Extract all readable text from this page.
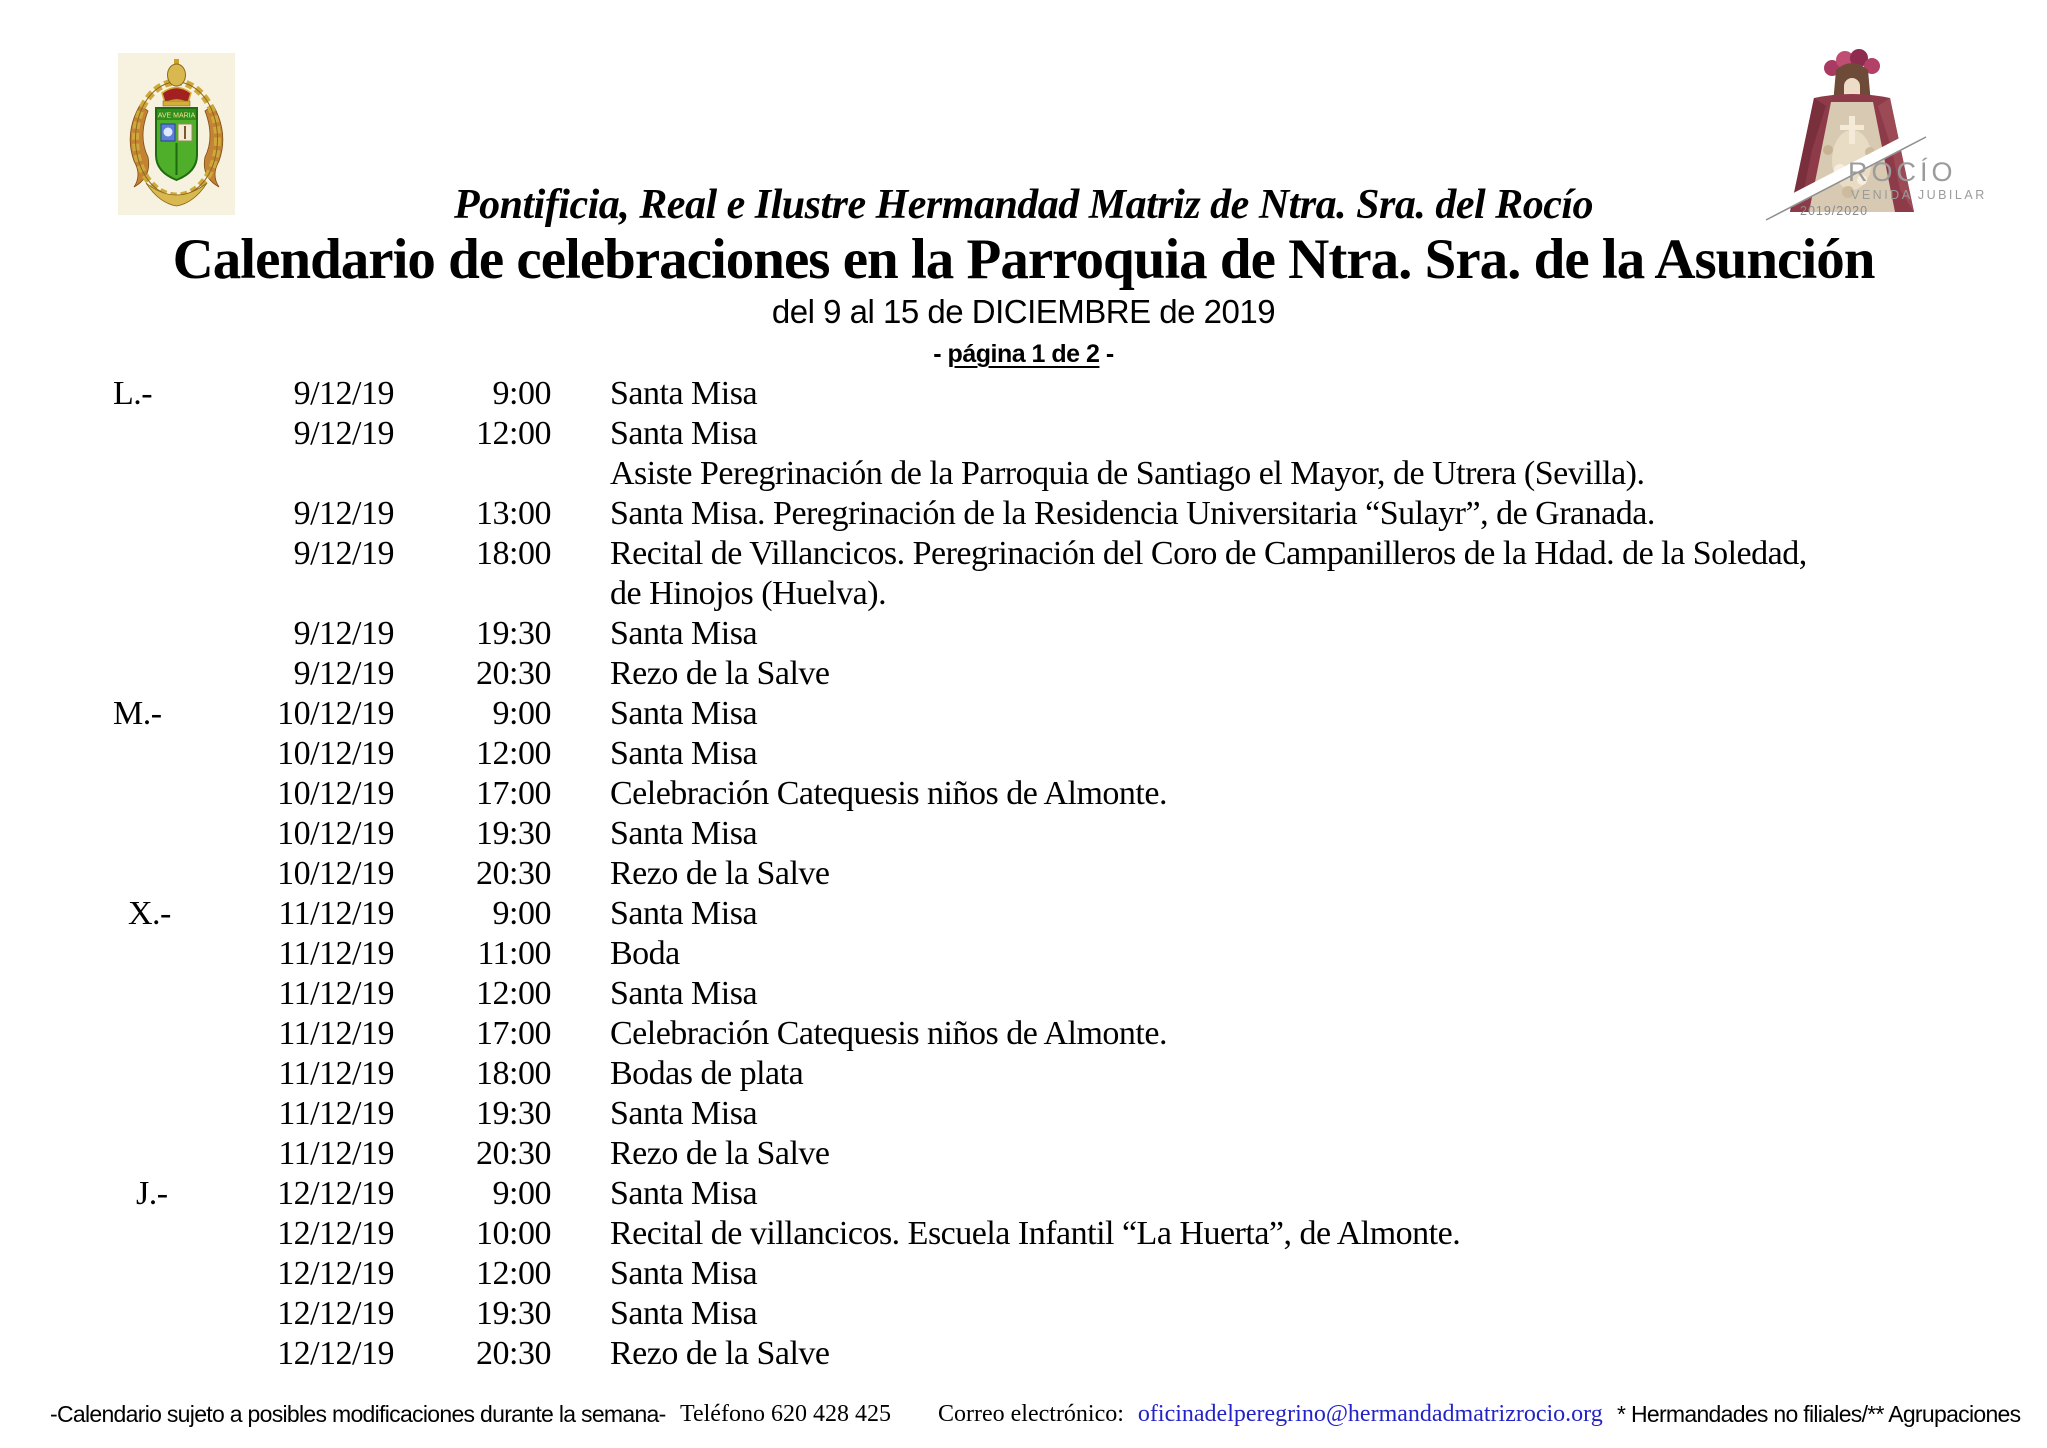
AVE MARIA
ROCÍO
VENIDA JUBILAR
2019/2020
Pontificia, Real e Ilustre Hermandad Matriz de Ntra. Sra. del Rocío
Calendario de celebraciones en la Parroquia de Ntra. Sra. de la Asunción
del 9 al 15 de DICIEMBRE de 2019
- página 1 de 2 -
L.-	9/12/19	9:00	Santa Misa
9/12/19	12:00	Santa Misa
Asiste Peregrinación de la Parroquia de Santiago el Mayor, de Utrera (Sevilla).
9/12/19	13:00	Santa Misa. Peregrinación de la Residencia Universitaria “Sulayr”, de Granada.
9/12/19	18:00	Recital de Villancicos. Peregrinación del Coro de Campanilleros de la Hdad. de la Soledad,
de Hinojos (Huelva).
9/12/19	19:30	Santa Misa
9/12/19	20:30	Rezo de la Salve
M.-	10/12/19	9:00	Santa Misa
10/12/19	12:00	Santa Misa
10/12/19	17:00	Celebración Catequesis niños de Almonte.
10/12/19	19:30	Santa Misa
10/12/19	20:30	Rezo de la Salve
X.-	11/12/19	9:00	Santa Misa
11/12/19	11:00	Boda
11/12/19	12:00	Santa Misa
11/12/19	17:00	Celebración Catequesis niños de Almonte.
11/12/19	18:00	Bodas de plata
11/12/19	19:30	Santa Misa
11/12/19	20:30	Rezo de la Salve
J.-	12/12/19	9:00	Santa Misa
12/12/19	10:00	Recital de villancicos. Escuela Infantil “La Huerta”, de Almonte.
12/12/19	12:00	Santa Misa
12/12/19	19:30	Santa Misa
12/12/19	20:30	Rezo de la Salve
-Calendario sujeto a posibles modificaciones durante la semana- Teléfono 620 428 425 Correo electrónico: oficinadelperegrino@hermandadmatrizrocio.org * Hermandades no filiales/** Agrupaciones
